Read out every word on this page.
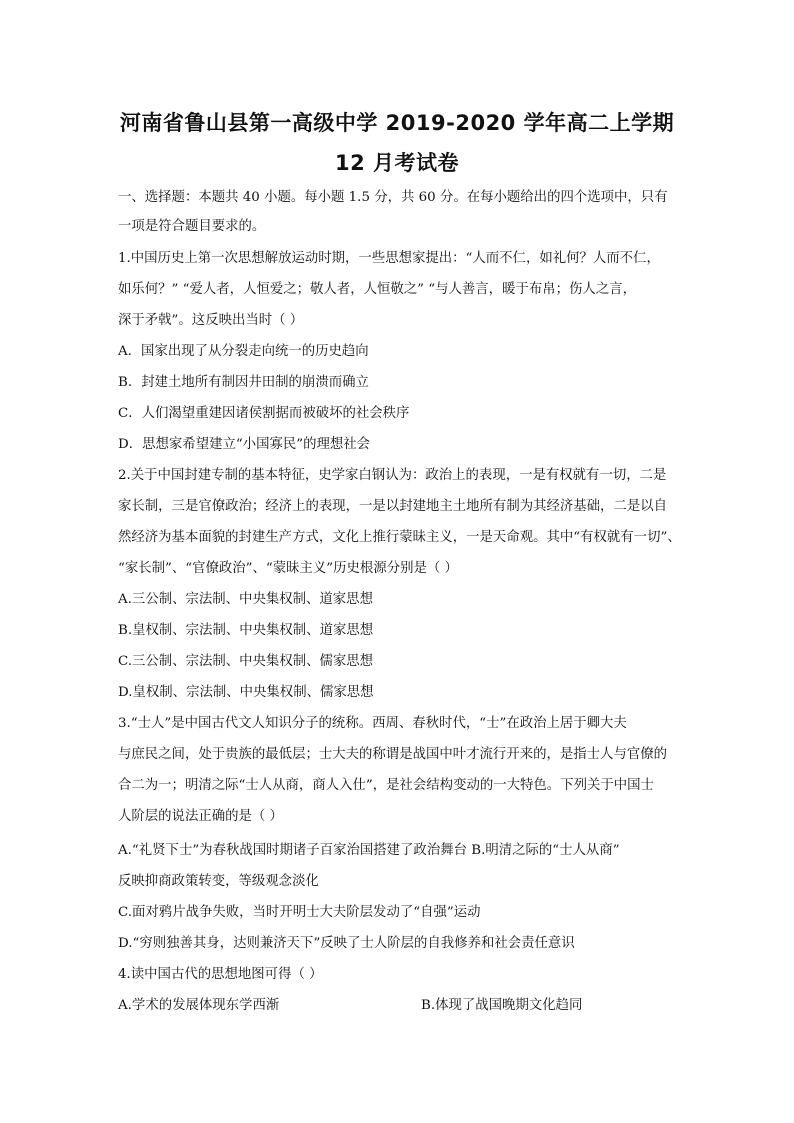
河南省鲁山县第一高级中学 2019-2020 学年高二上学期
12 月考试卷
一、选择题：本题共 40 小题。每小题 1.5 分，共 60 分。在每小题给出的四个选项中，只有
一项是符合题目要求的。
1.中国历史上第一次思想解放运动时期，一些思想家提出：“人而不仁，如礼何？人而不仁，
如乐何？” “爱人者，人恒爱之；敬人者，人恒敬之” “与人善言，暖于布帛；伤人之言，
深于矛戟”。这反映出当时（ ）
A．国家出现了从分裂走向统一的历史趋向
B．封建土地所有制因井田制的崩溃而确立
C．人们渴望重建因诸侯割据而被破坏的社会秩序
D．思想家希望建立“小国寡民”的理想社会
2.关于中国封建专制的基本特征，史学家白钢认为：政治上的表现，一是有权就有一切，二是
家长制，三是官僚政治；经济上的表现，一是以封建地主土地所有制为其经济基础，二是以自
然经济为基本面貌的封建生产方式，文化上推行蒙昧主义，一是天命观。其中“有权就有一切”、
“家长制”、“官僚政治”、“蒙昧主义”历史根源分别是（ ）
A.三公制、宗法制、中央集权制、道家思想
B.皇权制、宗法制、中央集权制、道家思想
C.三公制、宗法制、中央集权制、儒家思想
D.皇权制、宗法制、中央集权制、儒家思想
3.“士人”是中国古代文人知识分子的统称。西周、春秋时代，“士”在政治上居于卿大夫
与庶民之间，处于贵族的最低层；士大夫的称谓是战国中叶才流行开来的，是指士人与官僚的
合二为一；明清之际“士人从商，商人入仕”，是社会结构变动的一大特色。下列关于中国士
人阶层的说法正确的是（ ）
A.“礼贤下士”为春秋战国时期诸子百家治国搭建了政治舞台 B.明清之际的“士人从商”
反映抑商政策转变，等级观念淡化
C.面对鸦片战争失败，当时开明士大夫阶层发动了“自强”运动
D.“穷则独善其身，达则兼济天下”反映了士人阶层的自我修养和社会责任意识
4.读中国古代的思想地图可得（ ）
A.学术的发展体现东学西渐	B.体现了战国晚期文化趋同
